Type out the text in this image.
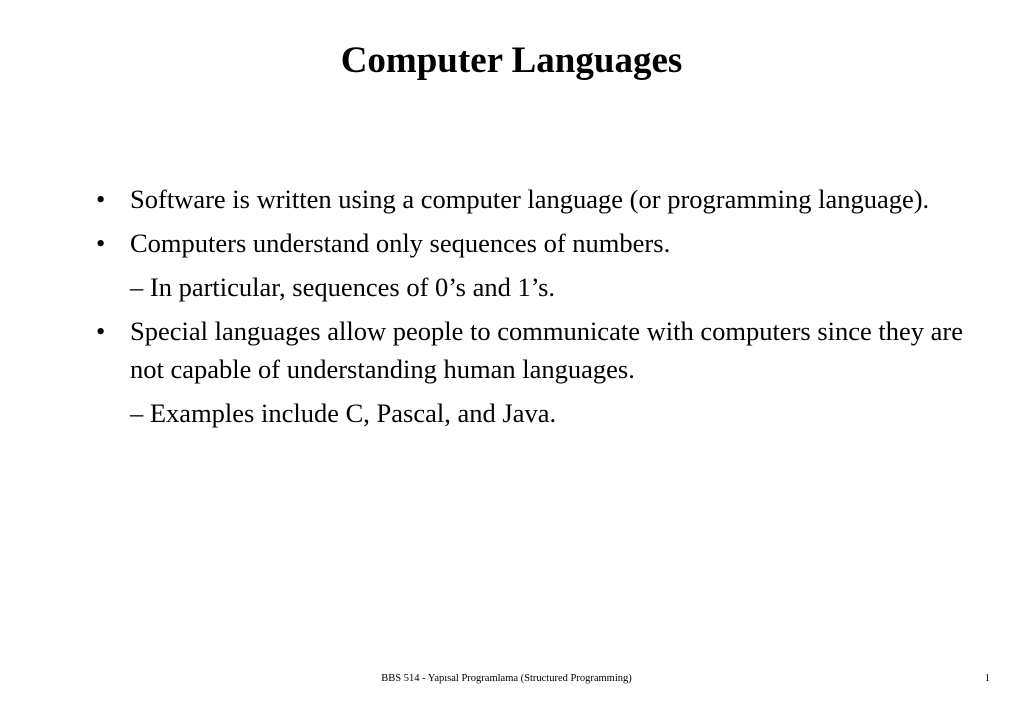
Computer Languages
• Software is written using a computer language (or programming language).
• Computers understand only sequences of numbers.
– In particular, sequences of 0’s and 1’s.
• Special languages allow people to communicate with computers since they are not capable of understanding human languages.
– Examples include C, Pascal, and Java.
BBS 514 - Yapısal Programlama (Structured Programming)	1
